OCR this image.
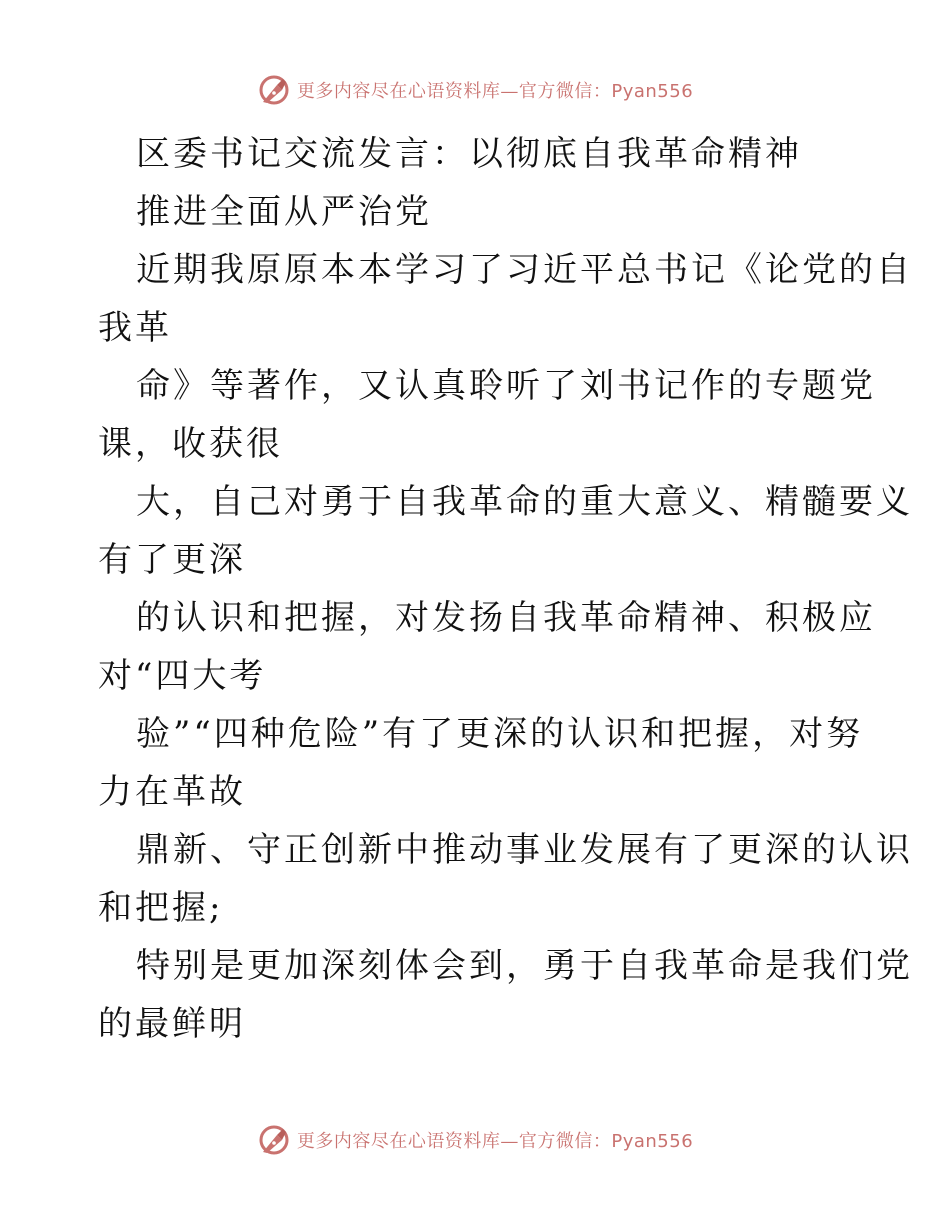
更多内容尽在心语资料库—官方微信：Pyan556
区委书记交流发言：以彻底自我革命精神
推进全面从严治党
近期我原原本本学习了习近平总书记《论党的自
我革
命》等著作，又认真聆听了刘书记作的专题党
课，收获很
大，自己对勇于自我革命的重大意义、精髓要义
有了更深
的认识和把握，对发扬自我革命精神、积极应
对“四大考
验”“四种危险”有了更深的认识和把握，对努
力在革故
鼎新、守正创新中推动事业发展有了更深的认识
和把握;
特别是更加深刻体会到，勇于自我革命是我们党
的最鲜明
更多内容尽在心语资料库—官方微信：Pyan556
